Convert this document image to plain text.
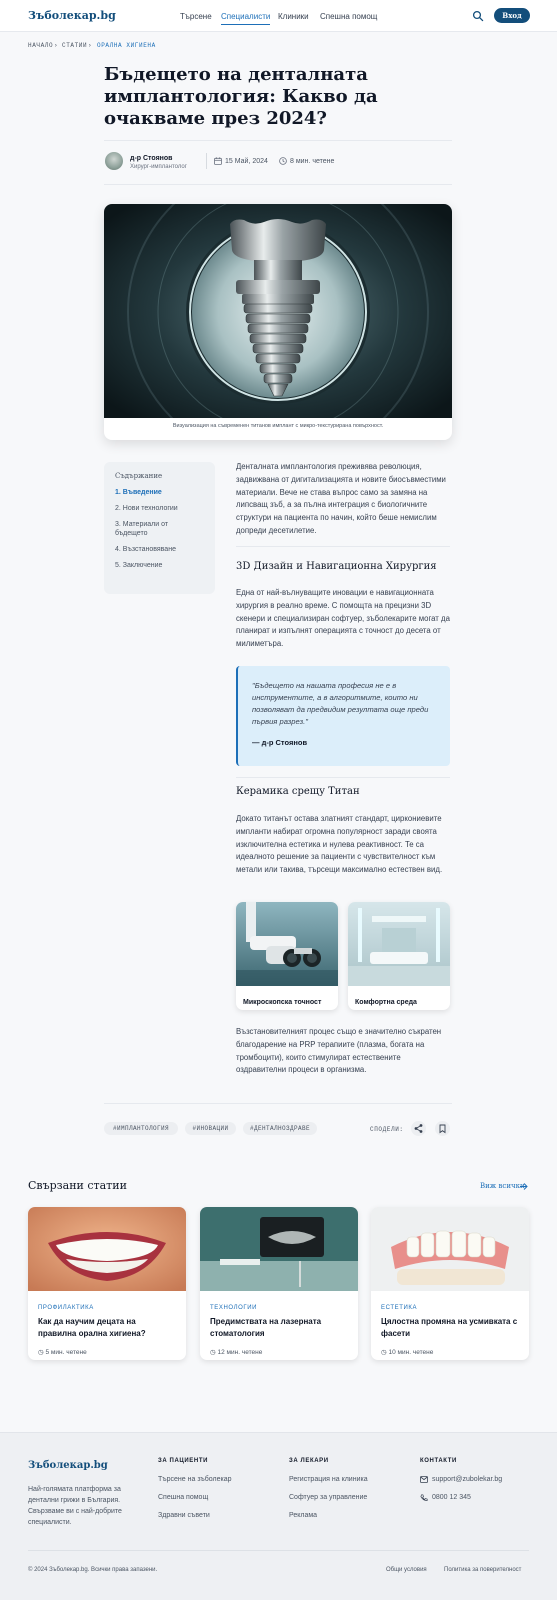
Зъболекар.bg	Търсене Специалисти Клиники Спешна помощ	Вход
НАЧАЛО › СТАТИИ › ОРАЛНА ХИГИЕНА
Бъдещето на денталната имплантология: Какво да очакваме през 2024?
д-р Стоянов
Хирург-имплантолог
15 Май, 2024	8 мин. четене
Визуализация на съвременен титанов имплант с микро-текстурирана повърхност.
Съдържание
1. Въведение
2. Нови технологии
3. Материали от бъдещето
4. Възстановяване
5. Заключение
Денталната имплантология преживява революция, задвижвана от дигитализацията и новите биосъвместими материали. Вече не става въпрос само за замяна на липсващ зъб, а за пълна интеграция с биологичните структури на пациента по начин, който беше немислим допреди десетилетие.
3D Дизайн и Навигационна Хирургия
Една от най-вълнуващите иновации е навигационната хирургия в реално време. С помощта на прецизни 3D скенери и специализиран софтуер, зъболекарите могат да планират и изпълнят операцията с точност до десета от милиметъра.
"Бъдещето на нашата професия не е в инструментите, а в алгоритмите, които ни позволяват да предвидим резултата още преди първия разрез."
— д-р Стоянов
Керамика срещу Титан
Докато титанът остава златният стандарт, циркониевите импланти набират огромна популярност заради своята изключителна естетика и нулева реактивност. Те са идеалното решение за пациенти с чувствителност към метали или такива, търсещи максимално естествен вид.
Микроскопска точност	Комфортна среда
Възстановителният процес също е значително съкратен благодарение на PRP терапиите (плазма, богата на тромбоцити), които стимулират естествените оздравителни процеси в организма.
#ИМПЛАНТОЛОГИЯ	#ИНОВАЦИИ	#ДЕНТАЛНОЗДРАВЕ	СПОДЕЛИ:
Свързани статии	Виж всички
ПРОФИЛАКТИКА
Как да научим децата на правилна орална хигиена?
◷ 5 мин. четене
ТЕХНОЛОГИИ
Предимствата на лазерната стоматология
◷ 12 мин. четене
ЕСТЕТИКА
Цялостна промяна на усмивката с фасети
◷ 10 мин. четене
Зъболекар.bg
Най-голямата платформа за дентални грижи в България. Свързваме ви с най-добрите специалисти.
ЗА ПАЦИЕНТИ
Търсене на зъболекар
Спешна помощ
Здравни съвети
ЗА ЛЕКАРИ
Регистрация на клиника
Софтуер за управление
Реклама
КОНТАКТИ
support@zubolekar.bg
0800 12 345
© 2024 Зъболекар.bg. Всички права запазени.	Общи условия	Политика за поверителност
